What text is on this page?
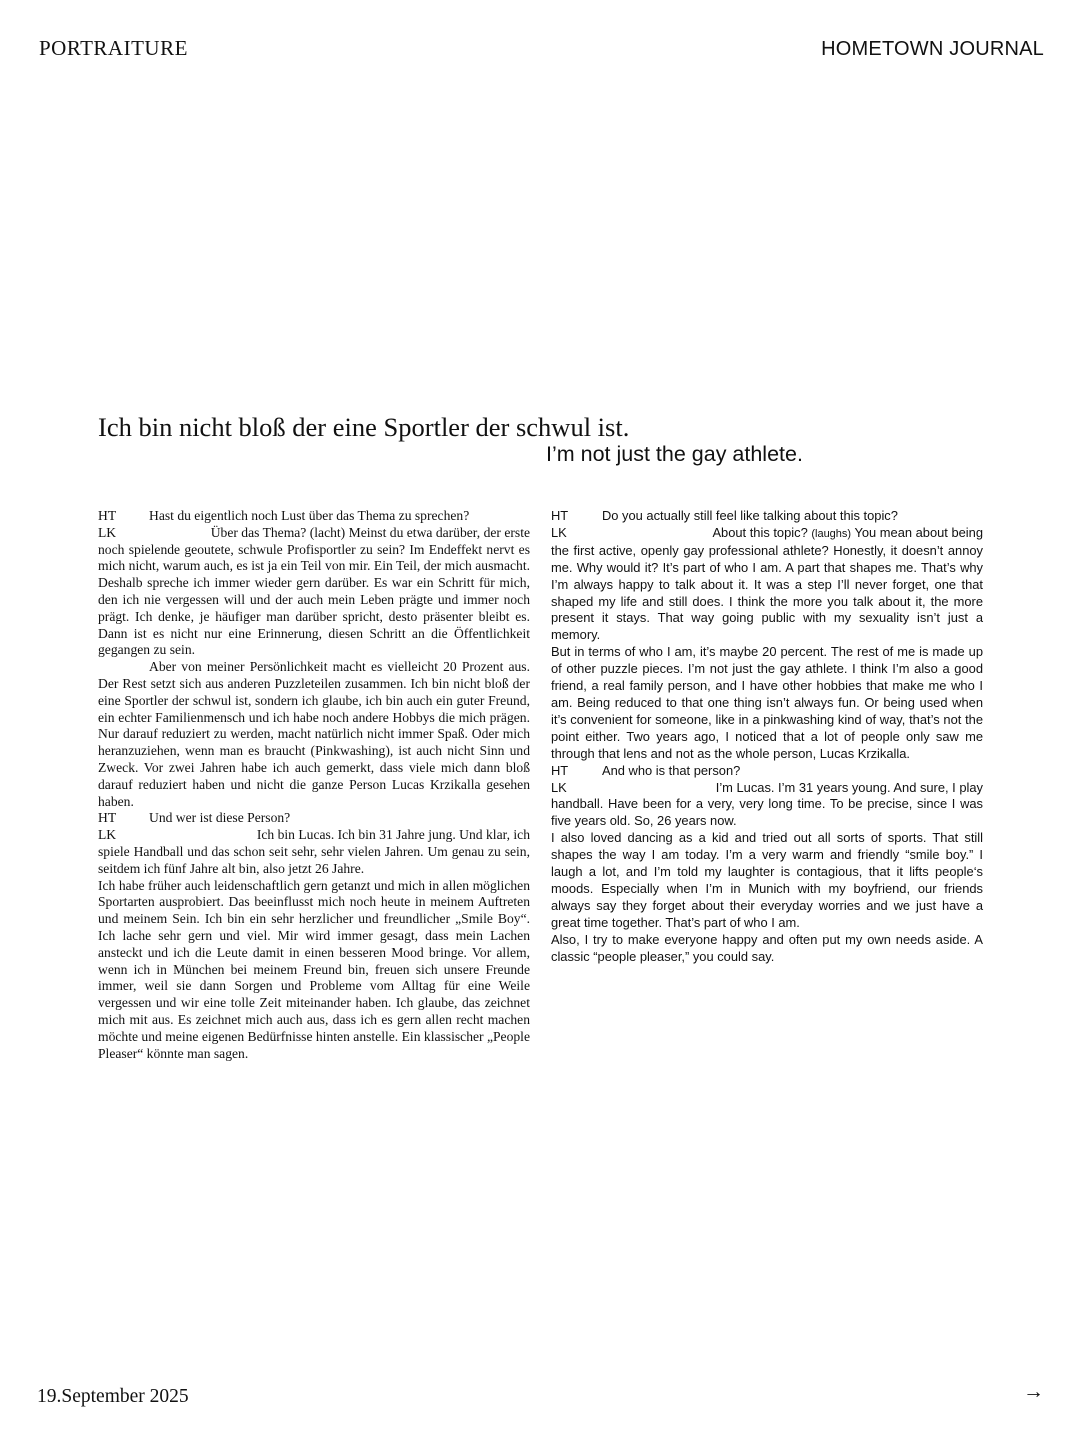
PORTRAITURE	HOMETOWN JOURNAL
Ich bin nicht bloß der eine Sportler der schwul ist.
I’m not just the gay athlete.
HT	Hast du eigentlich noch Lust über das Thema zu sprechen?
LK	Über das Thema? (lacht) Meinst du etwa darüber, der erste

noch spielende geoutete, schwule Profisportler zu sein? Im Endeffekt nervt es mich nicht, warum auch, es ist ja ein Teil von mir. Ein Teil, der mich ausmacht. Deshalb spreche ich immer wieder gern darüber. Es war ein Schritt für mich, den ich nie vergessen will und der auch mein Leben prägte und immer noch prägt. Ich denke, je häufiger man darüber spricht, desto präsenter bleibt es. Dann ist es nicht nur eine Erinnerung, diesen Schritt an die Öffentlichkeit gegangen zu sein.

Aber von meiner Persönlichkeit macht es vielleicht 20 Prozent aus. Der Rest setzt sich aus anderen Puzzleteilen zusammen. Ich bin nicht bloß der eine Sportler der schwul ist, sondern ich glaube, ich bin auch ein guter Freund, ein echter Familienmensch und ich habe noch andere Hobbys die mich prägen. Nur darauf reduziert zu werden, macht natürlich nicht immer Spaß. Oder mich heranzuziehen, wenn man es braucht (Pinkwashing), ist auch nicht Sinn und Zweck. Vor zwei Jahren habe ich auch gemerkt, dass viele mich dann bloß darauf reduziert haben und nicht die ganze Person Lucas Krzikalla gesehen haben.

HT	Und wer ist diese Person?
LK	Ich bin Lucas. Ich bin 31 Jahre jung. Und klar, ich

spiele Handball und das schon seit sehr, sehr vielen Jahren. Um genau zu sein, seitdem ich fünf Jahre alt bin, also jetzt 26 Jahre.

Ich habe früher auch leidenschaftlich gern getanzt und mich in allen möglichen Sportarten ausprobiert. Das beeinflusst mich noch heute in meinem Auftreten und meinem Sein. Ich bin ein sehr herzlicher und freundlicher „Smile Boy“. Ich lache sehr gern und viel. Mir wird immer gesagt, dass mein Lachen ansteckt und ich die Leute damit in einen besseren Mood bringe. Vor allem, wenn ich in München bei meinem Freund bin, freuen sich unsere Freunde immer, weil sie dann Sorgen und Probleme vom Alltag für eine Weile vergessen und wir eine tolle Zeit miteinander haben. Ich glaube, das zeichnet mich mit aus. Es zeichnet mich auch aus, dass ich es gern allen recht machen möchte und meine eigenen Bedürfnisse hinten anstelle. Ein klassischer „People Pleaser“ könnte man sagen.

HT	Do you actually still feel like talking about this topic?
LK	About this topic? (laughs) You mean about being

the first active, openly gay professional athlete? Honestly, it doesn’t annoy me. Why would it? It’s part of who I am. A part that shapes me. That’s why I’m always happy to talk about it. It was a step I’ll never forget, one that shaped my life and still does. I think the more you talk about it, the more present it stays. That way going public with my sexuality isn’t just a memory.

But in terms of who I am, it’s maybe 20 percent. The rest of me is made up of other puzzle pieces. I’m not just the gay athlete. I think I’m also a good friend, a real family person, and I have other hobbies that make me who I am. Being reduced to that one thing isn’t always fun. Or being used when it’s convenient for someone, like in a pinkwashing kind of way, that’s not the point either. Two years ago, I noticed that a lot of people only saw me through that lens and not as the whole person, Lucas Krzikalla.

HT	And who is that person?
LK	I’m Lucas. I’m 31 years young. And sure, I play

handball. Have been for a very, very long time. To be precise, since I was five years old. So, 26 years now.

I also loved dancing as a kid and tried out all sorts of sports. That still shapes the way I am today. I’m a very warm and friendly “smile boy.” I laugh a lot, and I’m told my laughter is contagious, that it lifts people‘s moods. Especially when I’m in Munich with my boyfriend, our friends always say they forget about their everyday worries and we just have a great time together. That’s part of who I am.

Also, I try to make everyone happy and often put my own needs aside. A classic “people pleaser,” you could say.

19.September 2025	→
